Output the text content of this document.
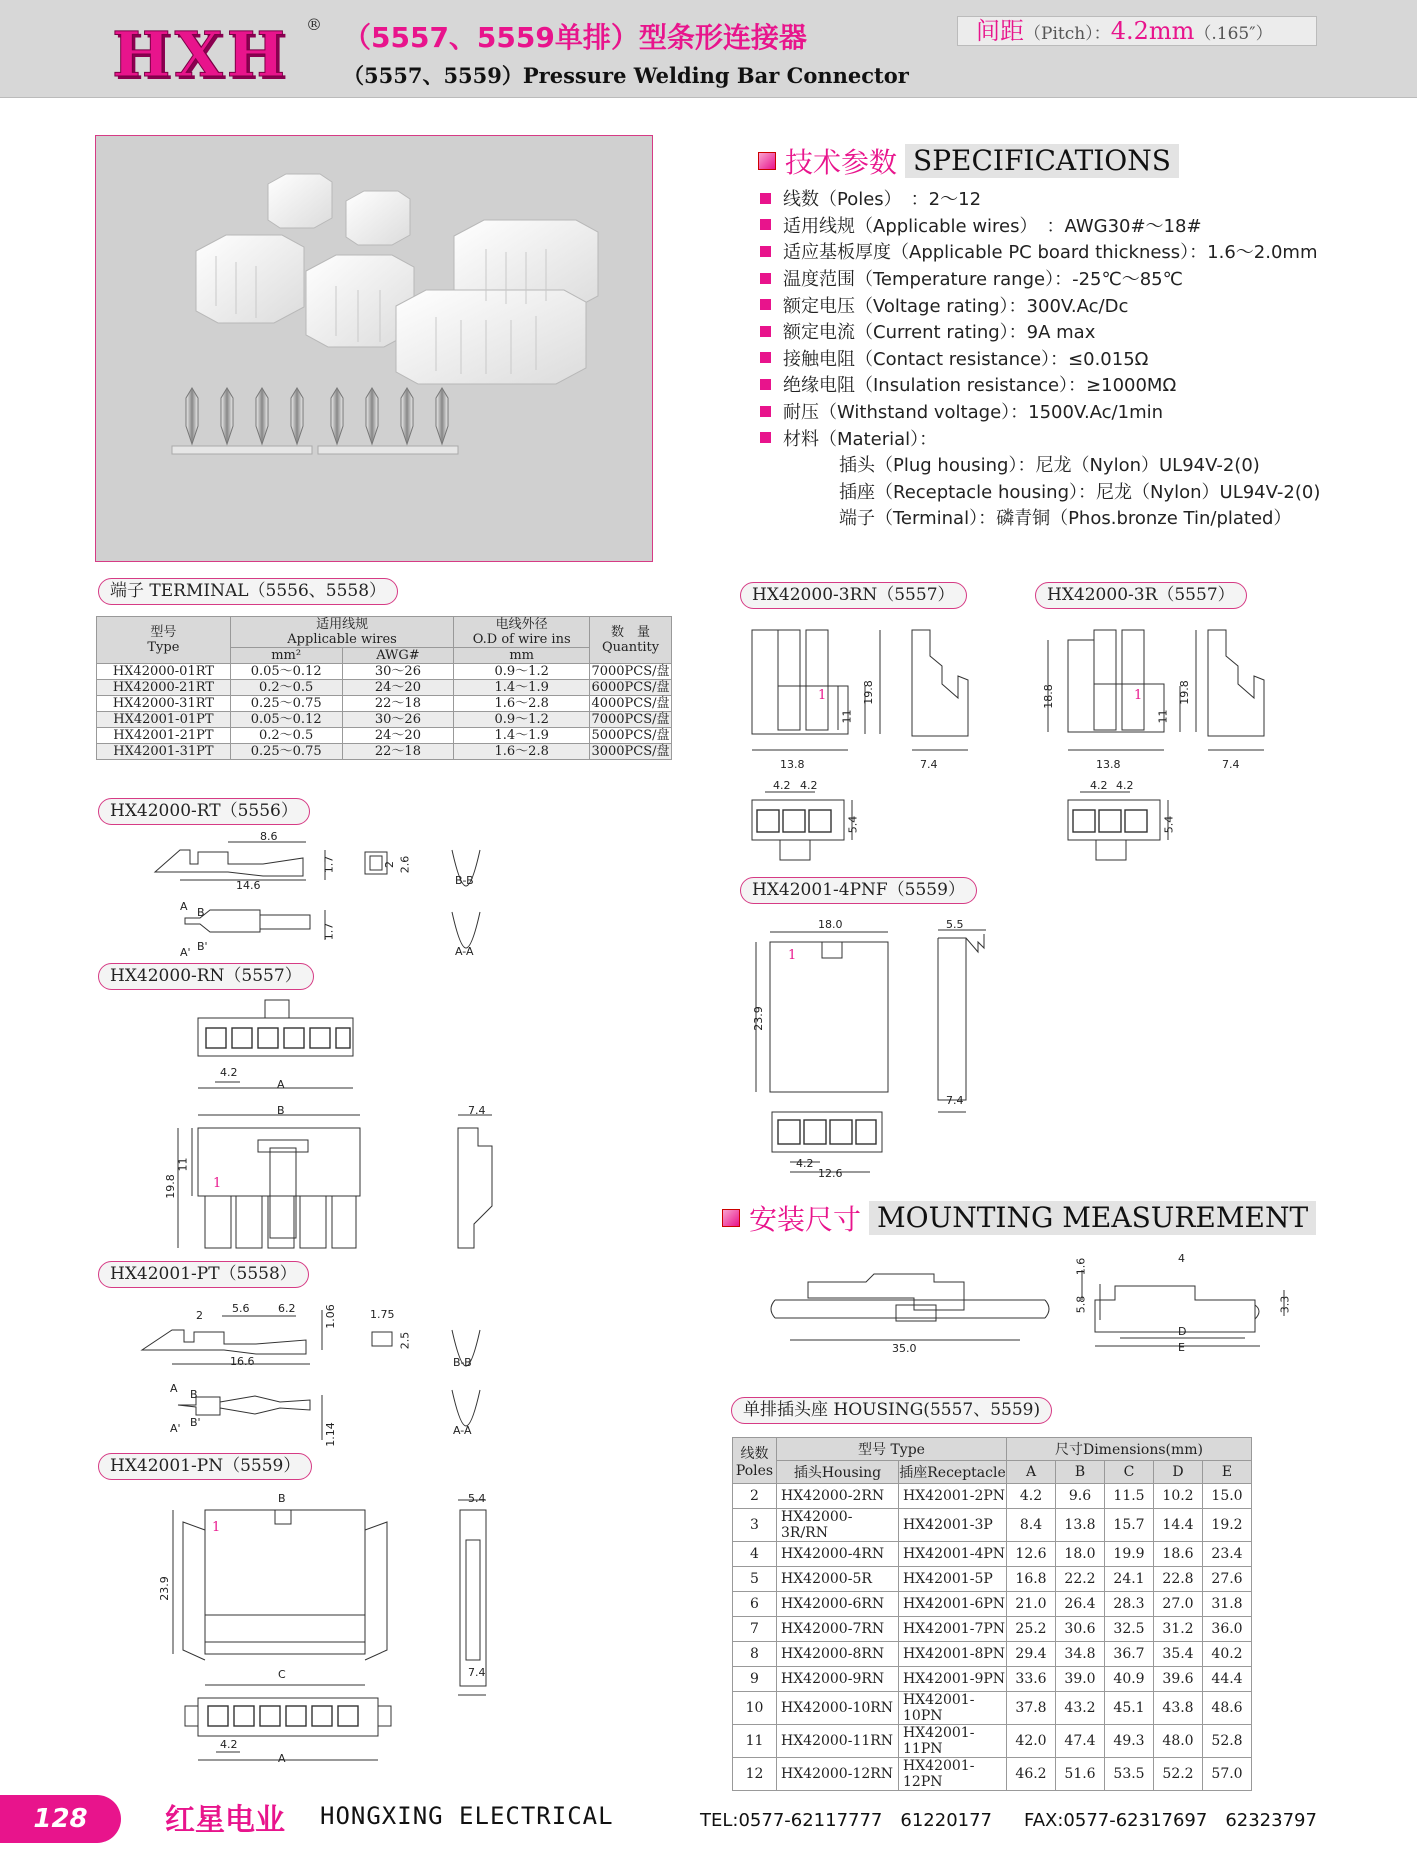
HXH ® （5557、5559单排）型条形连接器
（5557、5559）Pressure Welding Bar Connector
间距（Pitch）：4.2mm（.165″）
技术参数 SPECIFICATIONS
线数（Poles）　：2～12
适用线规（Applicable wires）　：AWG30#～18#
适应基板厚度（Applicable PC board thickness）：1.6～2.0mm
温度范围（Temperature range）：-25℃～85℃
额定电压（Voltage rating）：300V.Ac/Dc
额定电流（Current rating）：9A max
接触电阻（Contact resistance）：≤0.015Ω
绝缘电阻（Insulation resistance）：≥1000MΩ
耐压（Withstand voltage）：1500V.Ac/1min
材料（Material）：
插头（Plug housing）：尼龙（Nylon）UL94V-2(0)
插座（Receptacle housing）：尼龙（Nylon）UL94V-2(0)
端子（Terminal）：磷青铜（Phos.bronze Tin/plated）
端子 TERMINAL（5556、5558）
型号
Type	适用线规
Applicable wires		电线外径
O.D of wire ins	数　量
Quantity
	mm²	AWG#	mm	
HX42000-01RT	0.05～0.12	30～26	0.9～1.2	7000PCS/盘
HX42000-21RT	0.2～0.5	24～20	1.4～1.9	6000PCS/盘
HX42000-31RT	0.25～0.75	22～18	1.6～2.8	4000PCS/盘
HX42001-01PT	0.05～0.12	30～26	0.9～1.2	7000PCS/盘
HX42001-21PT	0.2～0.5	24～20	1.4～1.9	5000PCS/盘
HX42001-31PT	0.25～0.75	22～18	1.6～2.8	3000PCS/盘
HX42000-RT（5556）
HX42000-RN（5557）
HX42001-PT（5558）
HX42001-PN（5559）
HX42000-3RN（5557）	HX42000-3R（5557）
HX42001-4PNF（5559）
安装尺寸 MOUNTING MEASUREMENT
8.6
14.6
1.7	2.6
2
B-B
A-A
A B
A' B'
1.7
4.2
A
B
19.8
11
7.4
1
5.6	6.2
2
16.6
1.06	1.75
2.5
1.14
B-B
A-A
A B
A' B'
B
C
A
23.9
5.4
7.4
4.2
1
19.8
11
13.8	7.4
4.2 4.2
5.4
1	18.8	19.8
11
13.8	7.4
4.2 4.2
5.4
1
18.0	5.5
23.9
7.4
4.2
12.6
1
35.0
1.6
5.8
4
3.3
D
E
单排插头座 HOUSING(5557、5559)
线数
Poles	型号 Type		尺寸Dimensions(mm)				
	插头Housing	插座Receptacle	A	B	C	D	E
2	HX42000-2RN	HX42001-2PN	4.2	9.6	11.5	10.2	15.0
3	HX42000-3R/RN	HX42001-3P	8.4	13.8	15.7	14.4	19.2
4	HX42000-4RN	HX42001-4PN	12.6	18.0	19.9	18.6	23.4
5	HX42000-5R	HX42001-5P	16.8	22.2	24.1	22.8	27.6
6	HX42000-6RN	HX42001-6PN	21.0	26.4	28.3	27.0	31.8
7	HX42000-7RN	HX42001-7PN	25.2	30.6	32.5	31.2	36.0
8	HX42000-8RN	HX42001-8PN	29.4	34.8	36.7	35.4	40.2
9	HX42000-9RN	HX42001-9PN	33.6	39.0	40.9	39.6	44.4
10	HX42000-10RN	HX42001-10PN	37.8	43.2	45.1	43.8	48.6
11	HX42000-11RN	HX42001-11PN	42.0	47.4	49.3	48.0	52.8
12	HX42000-12RN	HX42001-12PN	46.2	51.6	53.5	52.2	57.0
128	红星电业 HONGXING ELECTRICAL	TEL:0577-62117777　61220177 FAX:0577-62317697　62323797
